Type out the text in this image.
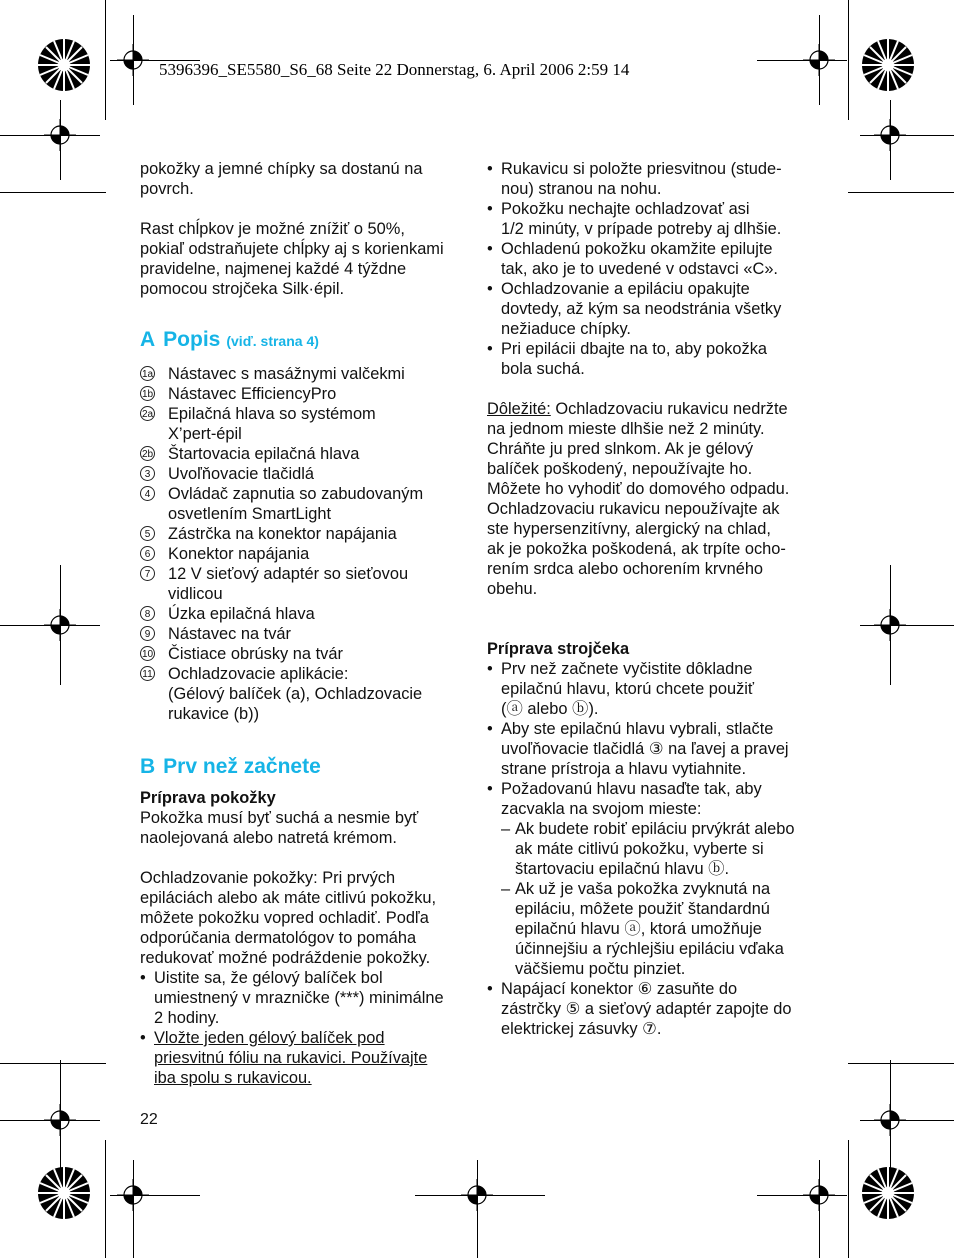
5396396_SE5580_S6_68 Seite 22 Donnerstag, 6. April 2006 2:59 14

pokožky a jemné chípky sa dostanú na
povrch.

Rast chĺpkov je možné znížiť o 50%,
pokiaľ odstraňujete chĺpky aj s korienkami
pravidelne, najmenej každé 4 týždne
pomocou strojčeka Silk·épil.

A Popis (viď. strana 4)
1a Nástavec s masážnymi valčekmi
1b Nástavec EfficiencyPro
2a Epilačná hlava so systémom
X’pert-épil
2b Štartovacia epilačná hlava
3	Uvoľňovacie tlačidlá
4	Ovládač zapnutia so zabudovaným
osvetlením SmartLight
5	Zástrčka na konektor napájania
6	Konektor napájania
7	12 V sieťový adaptér so sieťovou
vidlicou
8	Úzka epilačná hlava
9	Nástavec na tvár
10 Čistiace obrúsky na tvár
11 Ochladzovacie aplikácie:
(Gélový balíček (a), Ochladzovacie
rukavice (b))
B Prv než začnete

Príprava pokožky

Pokožka musí byť suchá a nesmie byť
naolejovaná alebo natretá krémom.

Ochladzovanie pokožky: Pri prvých
epiláciách alebo ak máte citlivú pokožku,
môžete pokožku vopred ochladiť. Podľa
odporúčania dermatológov to pomáha
redukovať možné podráždenie pokožky.

• Uistite sa, že gélový balíček bol
umiestnený v mrazničke (***) minimálne
2 hodiny.
• Vložte jeden gélový balíček pod
priesvitnú fóliu na rukavici. Používajte
iba spolu s rukavicou.
22
• Rukavicu si položte priesvitnou (stude-
nou) stranou na nohu.
• Pokožku nechajte ochladzovať asi
1/2 minúty, v prípade potreby aj dlhšie.
• Ochladenú pokožku okamžite epilujte
tak, ako je to uvedené v odstavci «C».
• Ochladzovanie a epiláciu opakujte
dovtedy, až kým sa neodstránia všetky
nežiaduce chípky.
• Pri epilácii dbajte na to, aby pokožka
bola suchá.

Dôležité: Ochladzovaciu rukavicu nedržte
na jednom mieste dlhšie než 2 minúty.
Chráňte ju pred slnkom. Ak je gélový
balíček poškodený, nepoužívajte ho.
Môžete ho vyhodiť do domového odpadu.
Ochladzovaciu rukavicu nepoužívajte ak
ste hypersenzitívny, alergický na chlad,
ak je pokožka poškodená, ak trpíte ocho-
rením srdca alebo ochorením krvného
obehu.

Príprava strojčeka

• Prv než začnete vyčistite dôkladne
epilačnú hlavu, ktorú chcete použiť
(ⓐ alebo ⓑ).
• Aby ste epilačnú hlavu vybrali, stlačte
uvoľňovacie tlačidlá ③ na ľavej a pravej
strane prístroja a hlavu vytiahnite.
• Požadovanú hlavu nasaďte tak, aby
zacvakla na svojom mieste:
– Ak budete robiť epiláciu prvýkrát alebo
ak máte citlivú pokožku, vyberte si
štartovaciu epilačnú hlavu ⓑ.
– Ak už je vaša pokožka zvyknutá na
epiláciu, môžete použiť štandardnú
epilačnú hlavu ⓐ, ktorá umožňuje
účinnejšiu a rýchlejšiu epiláciu vďaka
väčšiemu počtu pinziet.
• Napájací konektor ⑥ zasuňte do
zástrčky ⑤ a sieťový adaptér zapojte do
elektrickej zásuvky ⑦.
